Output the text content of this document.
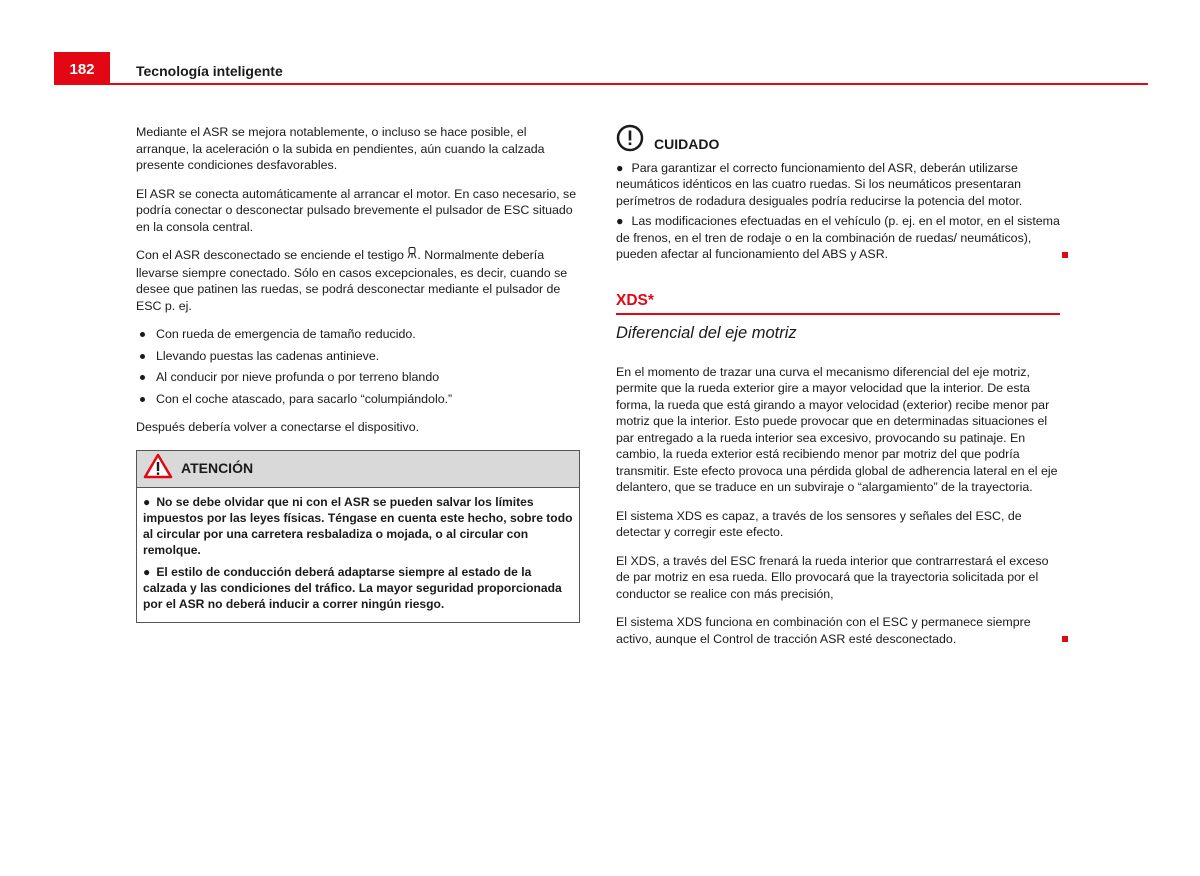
182	Tecnología inteligente

Mediante el ASR se mejora notablemente, o incluso se hace posible, el arranque, la aceleración o la subida en pendientes, aún cuando la calzada presente condiciones desfavorables.

El ASR se conecta automáticamente al arrancar el motor. En caso necesario, se podría conectar o desconectar pulsado brevemente el pulsador de ESC situado en la consola central.

Con el ASR desconectado se enciende el testigo . Normalmente debería llevarse siempre conectado. Sólo en casos excepcionales, es decir, cuando se desee que patinen las ruedas, se podrá desconectar mediante el pulsador de ESC p. ej.

Con rueda de emergencia de tamaño reducido.
Llevando puestas las cadenas antinieve.
Al conducir por nieve profunda o por terreno blando
Con el coche atascado, para sacarlo “columpiándolo.”

Después debería volver a conectarse el dispositivo.

ATENCIÓN
● No se debe olvidar que ni con el ASR se pueden salvar los límites impuestos por las leyes físicas. Téngase en cuenta este hecho, sobre todo al circular por una carretera resbaladiza o mojada, o al circular con remolque.
● El estilo de conducción deberá adaptarse siempre al estado de la calzada y las condiciones del tráfico. La mayor seguridad proporcionada por el ASR no deberá inducir a correr ningún riesgo.
CUIDADO
● Para garantizar el correcto funcionamiento del ASR, deberán utilizarse neumáticos idénticos en las cuatro ruedas. Si los neumáticos presentaran perímetros de rodadura desiguales podría reducirse la potencia del motor.
● Las modificaciones efectuadas en el vehículo (p. ej. en el motor, en el sistema de frenos, en el tren de rodaje o en la combinación de ruedas/ neumáticos), pueden afectar al funcionamiento del ABS y ASR.
XDS*
Diferencial del eje motriz

En el momento de trazar una curva el mecanismo diferencial del eje motriz, permite que la rueda exterior gire a mayor velocidad que la interior. De esta forma, la rueda que está girando a mayor velocidad (exterior) recibe menor par motriz que la interior. Esto puede provocar que en determinadas situaciones el par entregado a la rueda interior sea excesivo, provocando su patinaje. En cambio, la rueda exterior está recibiendo menor par motriz del que podría transmitir. Este efecto provoca una pérdida global de adherencia lateral en el eje delantero, que se traduce en un subviraje o “alargamiento” de la trayectoria.

El sistema XDS es capaz, a través de los sensores y señales del ESC, de detectar y corregir este efecto.

El XDS, a través del ESC frenará la rueda interior que contrarrestará el exceso de par motriz en esa rueda. Ello provocará que la trayectoria solicitada por el conductor se realice con más precisión,

El sistema XDS funciona en combinación con el ESC y permanece siempre activo, aunque el Control de tracción ASR esté desconectado.
